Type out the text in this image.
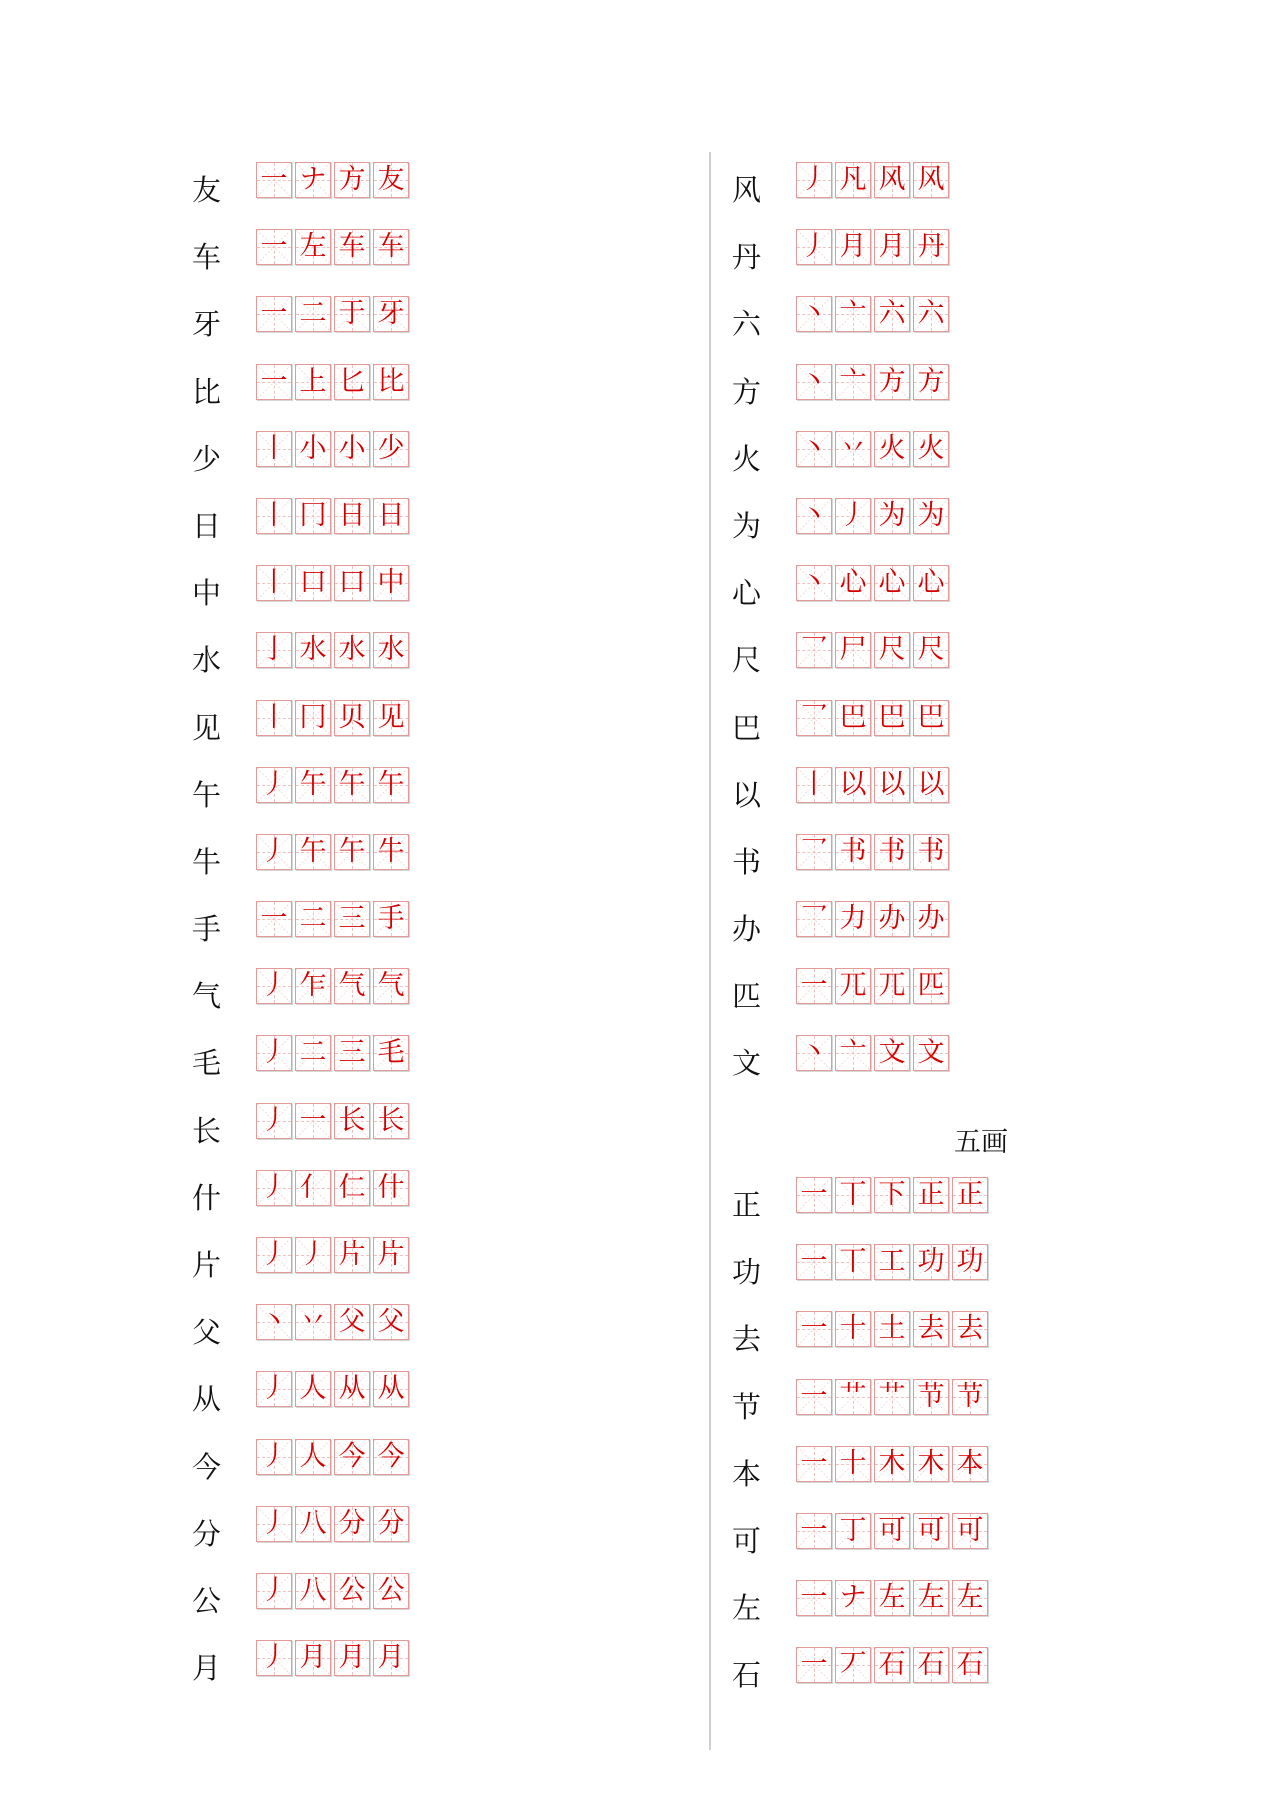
友	一 ナ 方 友
车	一 左 车 车
牙	一 二 于 牙
比	一 上 匕 比
少	丨 小 小 少
日	丨 冂 日 日
中	丨 口 口 中
水	亅 水 水 水
见	丨 冂 贝 见
午	丿 午 午 午
牛	丿 午 午 牛
手	一 二 三 手
气	丿 乍 气 气
毛	丿 二 三 毛
长	丿 一 长 长
什	丿 亻 仁 什
片	丿 丿 片 片
父	丶 丷 父 父
从	丿 人 从 从
今	丿 人 今 今
分	丿 八 分 分
公	丿 八 公 公
月	丿 月 月 月
风	丿 凡 风 风
丹	丿 月 月 丹
六	丶 亠 六 六
方	丶 亠 方 方
火	丶 丷 火 火
为	丶 丿 为 为
心	丶 心 心 心
尺	乛 尸 尺 尺
巴	乛 巴 巴 巴
以	丨 以 以 以
书	乛 书 书 书
办	乛 力 办 办
匹	一 兀 兀 匹
文	丶 亠 文 文
五画
正	一 丅 下 正 正
功	一 丅 工 功 功
去	一 十 土 去 去
节	一 艹 艹 节 节
本	一 十 木 木 本
可	一 丁 可 可 可
左	一 ナ 左 左 左
石	一 丆 石 石 石
